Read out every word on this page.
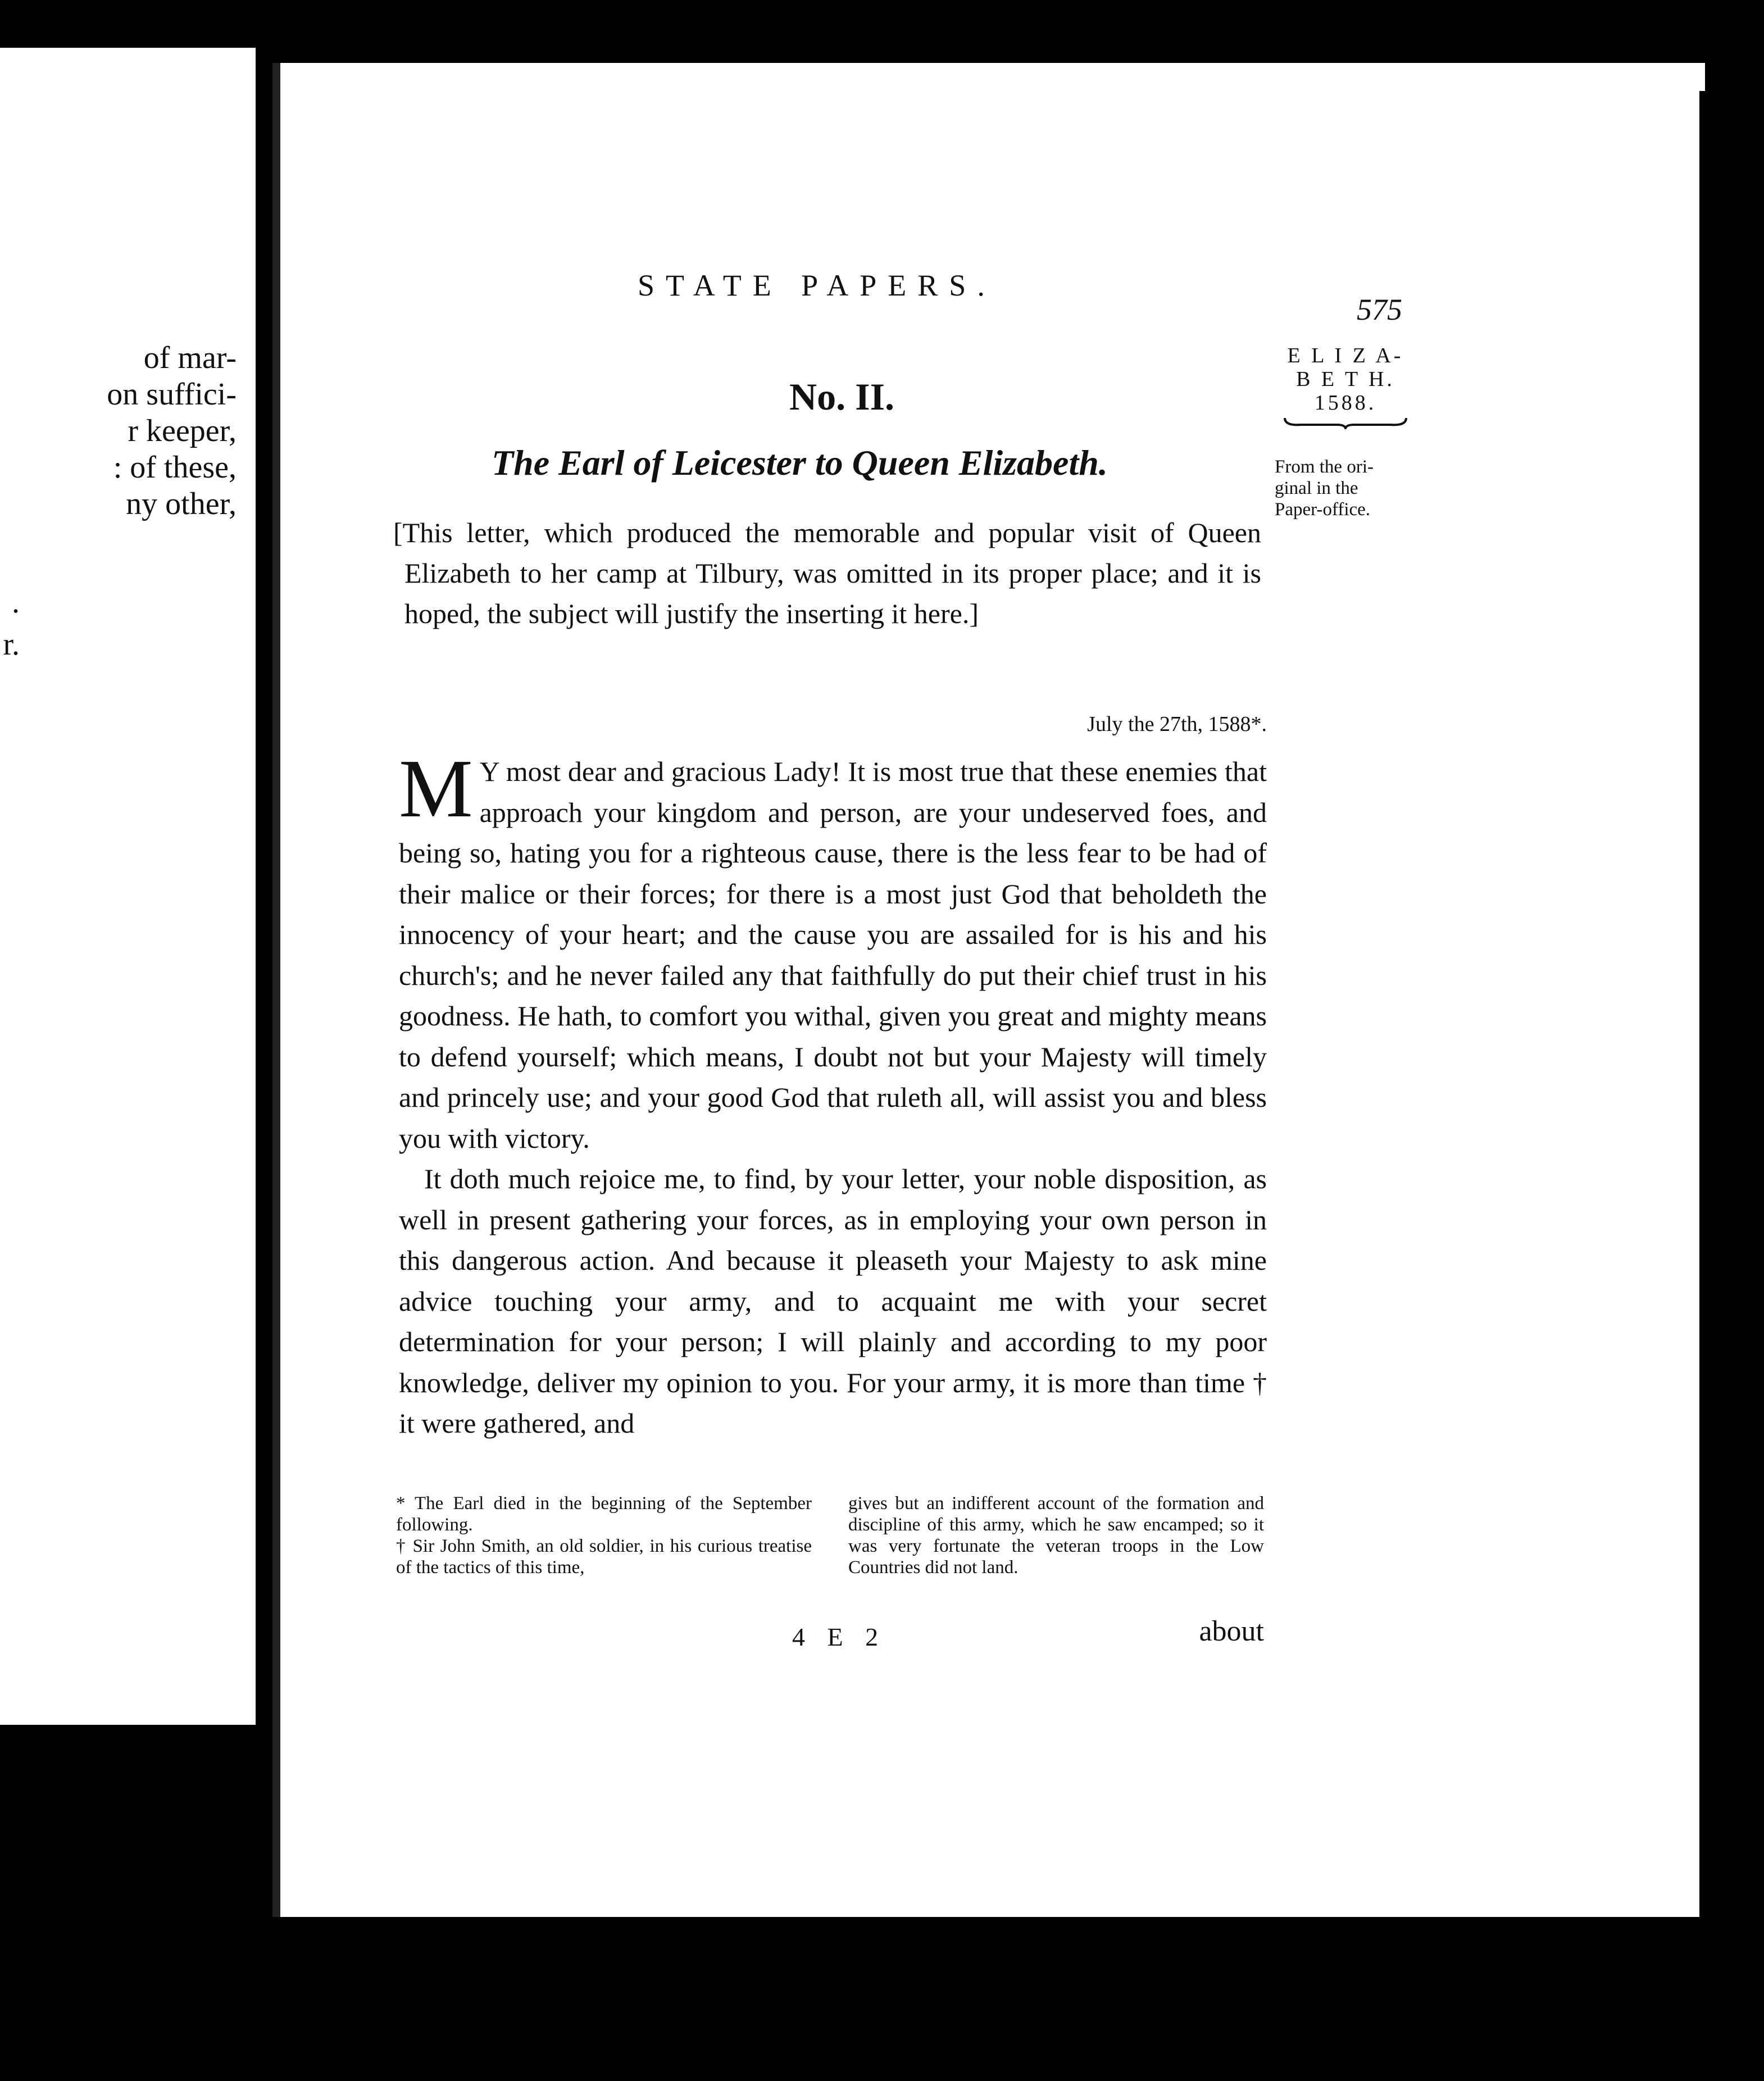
of mar-
on suffici-
r keeper,
: of these,
ny other,
.
r.
STATE PAPERS.
575
E L I Z A-
B E T H.
1588.
From the ori-
ginal in the
Paper-office.
No. II.
The Earl of Leicester to Queen Elizabeth.
[This letter, which produced the memorable and popular visit of Queen Elizabeth to her camp at Tilbury, was omitted in its proper place; and it is hoped, the subject will justify the inserting it here.]
July the 27th, 1588*.

M Y most dear and gracious Lady! It is most true that these enemies that approach your kingdom and person, are your undeserved foes, and being so, hating you for a righteous cause, there is the less fear to be had of their malice or their forces; for there is a most just God that beholdeth the innocency of your heart; and the cause you are assailed for is his and his church's; and he never failed any that faithfully do put their chief trust in his goodness. He hath, to comfort you withal, given you great and mighty means to defend yourself; which means, I doubt not but your Majesty will timely and princely use; and your good God that ruleth all, will assist you and bless you with victory.

It doth much rejoice me, to find, by your letter, your noble disposition, as well in present gathering your forces, as in employing your own person in this dangerous action. And because it pleaseth your Majesty to ask mine advice touching your army, and to acquaint me with your secret determination for your person; I will plainly and according to my poor knowledge, deliver my opinion to you. For your army, it is more than time † it were gathered, and

* The Earl died in the beginning of the September following.

† Sir John Smith, an old soldier, in his curious treatise of the tactics of this time,

gives but an indifferent account of the formation and discipline of this army, which he saw encamped; so it was very fortunate the veteran troops in the Low Countries did not land.

4 E 2	about
